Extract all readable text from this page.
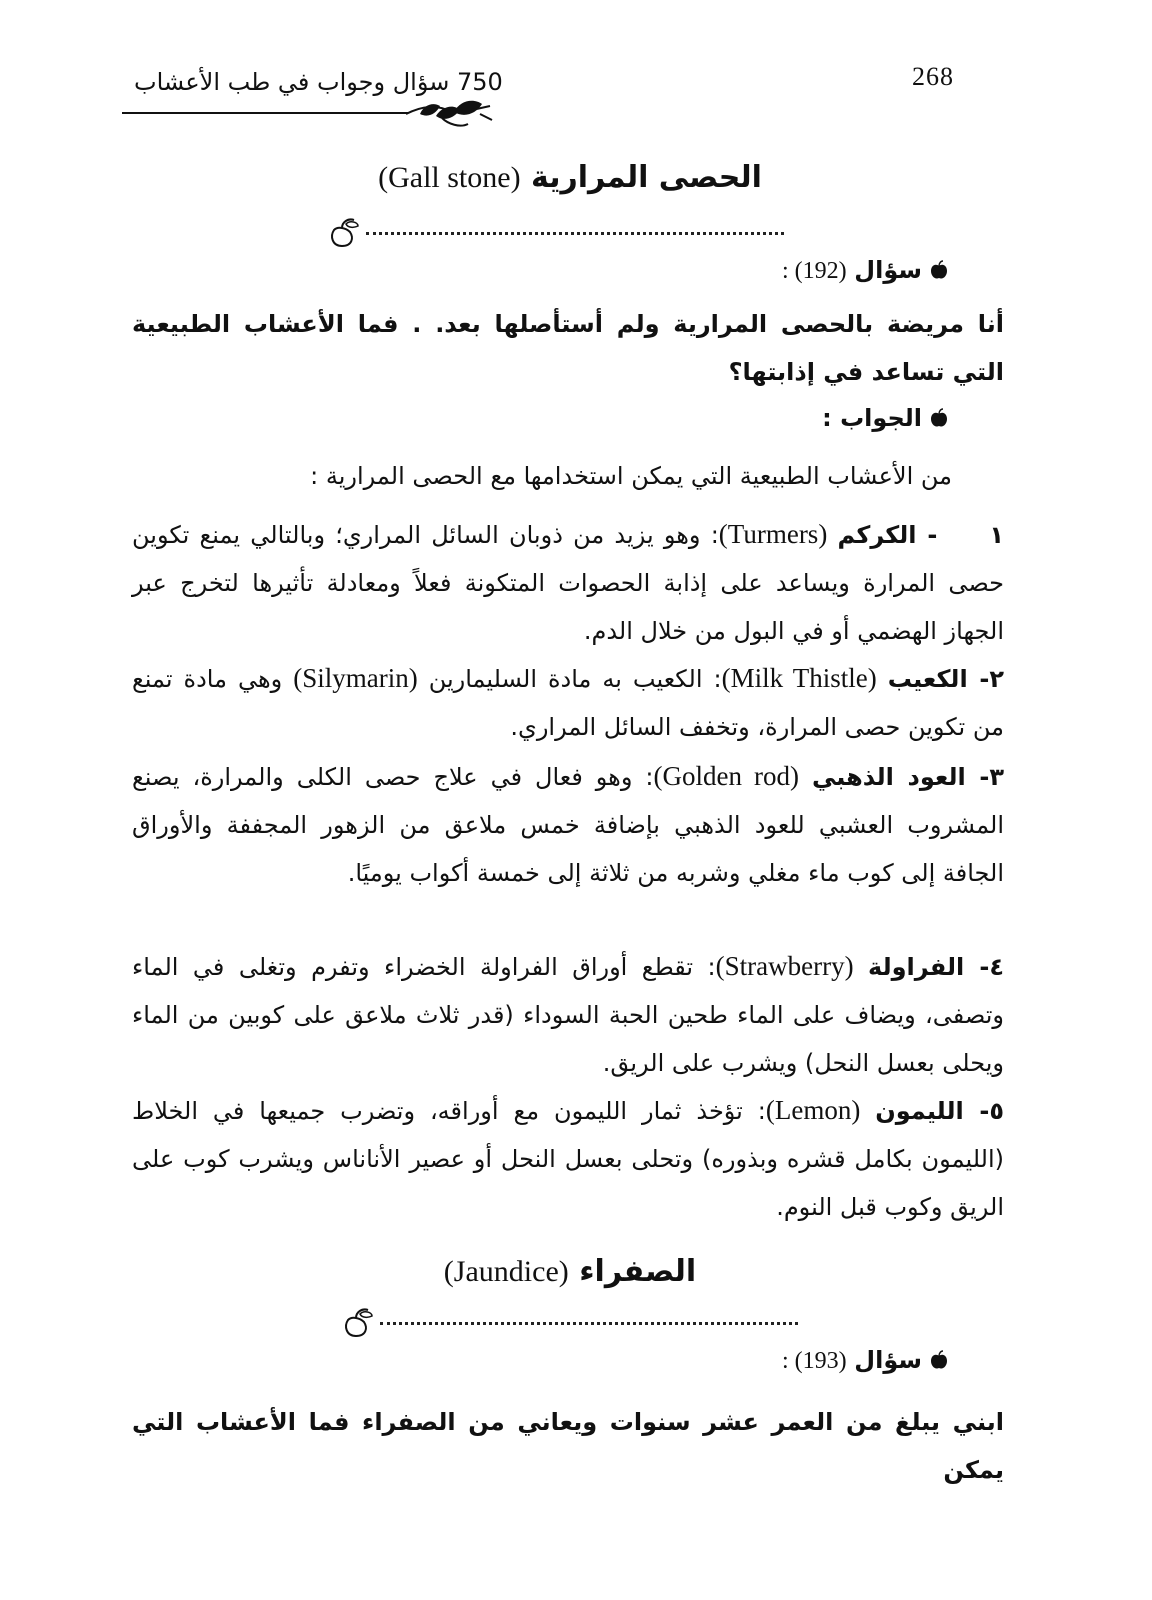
268
750 سؤال وجواب في طب الأعشاب
الحصى المرارية (Gall stone)
سؤال (192) :
أنا مريضة بالحصى المرارية ولم أستأصلها بعد. . فما الأعشاب الطبيعية التي تساعد في إذابتها؟
الجواب :
من الأعشاب الطبيعية التي يمكن استخدامها مع الحصى المرارية :
١- الكركم (Turmers): وهو يزيد من ذوبان السائل المراري؛ وبالتالي يمنع تكوين حصى المرارة ويساعد على إذابة الحصوات المتكونة فعلاً ومعادلة تأثيرها لتخرج عبر الجهاز الهضمي أو في البول من خلال الدم.
٢- الكعيب (Milk Thistle): الكعيب به مادة السليمارين (Silymarin) وهي مادة تمنع من تكوين حصى المرارة، وتخفف السائل المراري.
٣- العود الذهبي (Golden rod): وهو فعال في علاج حصى الكلى والمرارة، يصنع المشروب العشبي للعود الذهبي بإضافة خمس ملاعق من الزهور المجففة والأوراق الجافة إلى كوب ماء مغلي وشربه من ثلاثة إلى خمسة أكواب يوميًا.
٤- الفراولة (Strawberry): تقطع أوراق الفراولة الخضراء وتفرم وتغلى في الماء وتصفى، ويضاف على الماء طحين الحبة السوداء (قدر ثلاث ملاعق على كوبين من الماء ويحلى بعسل النحل) ويشرب على الريق.
٥- الليمون (Lemon): تؤخذ ثمار الليمون مع أوراقه، وتضرب جميعها في الخلاط (الليمون بكامل قشره وبذوره) وتحلى بعسل النحل أو عصير الأناناس ويشرب كوب على الريق وكوب قبل النوم.
الصفراء (Jaundice)
سؤال (193) :
ابني يبلغ من العمر عشر سنوات ويعاني من الصفراء فما الأعشاب التي يمكن
